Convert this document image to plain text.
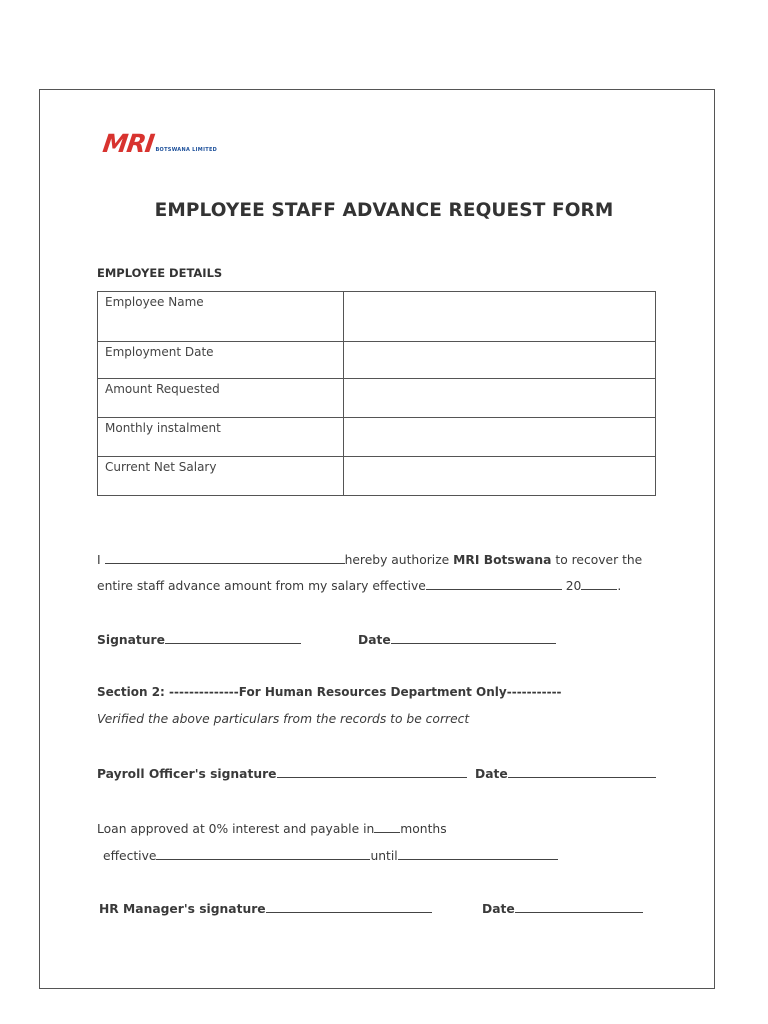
MRI BOTSWANA LIMITED
EMPLOYEE STAFF ADVANCE REQUEST FORM
EMPLOYEE DETAILS
Employee Name	
Employment Date	
Amount Requested	
Monthly instalment	
Current Net Salary	
I	hereby authorize MRI Botswana to recover the
entire staff advance amount from my salary effective	20	.
Signature	Date
Section 2: --------------For Human Resources Department Only-----------
Verified the above particulars from the records to be correct
Payroll Officer's signature	Date
Loan approved at 0% interest and payable in months
effective	until
HR Manager's signature	Date
